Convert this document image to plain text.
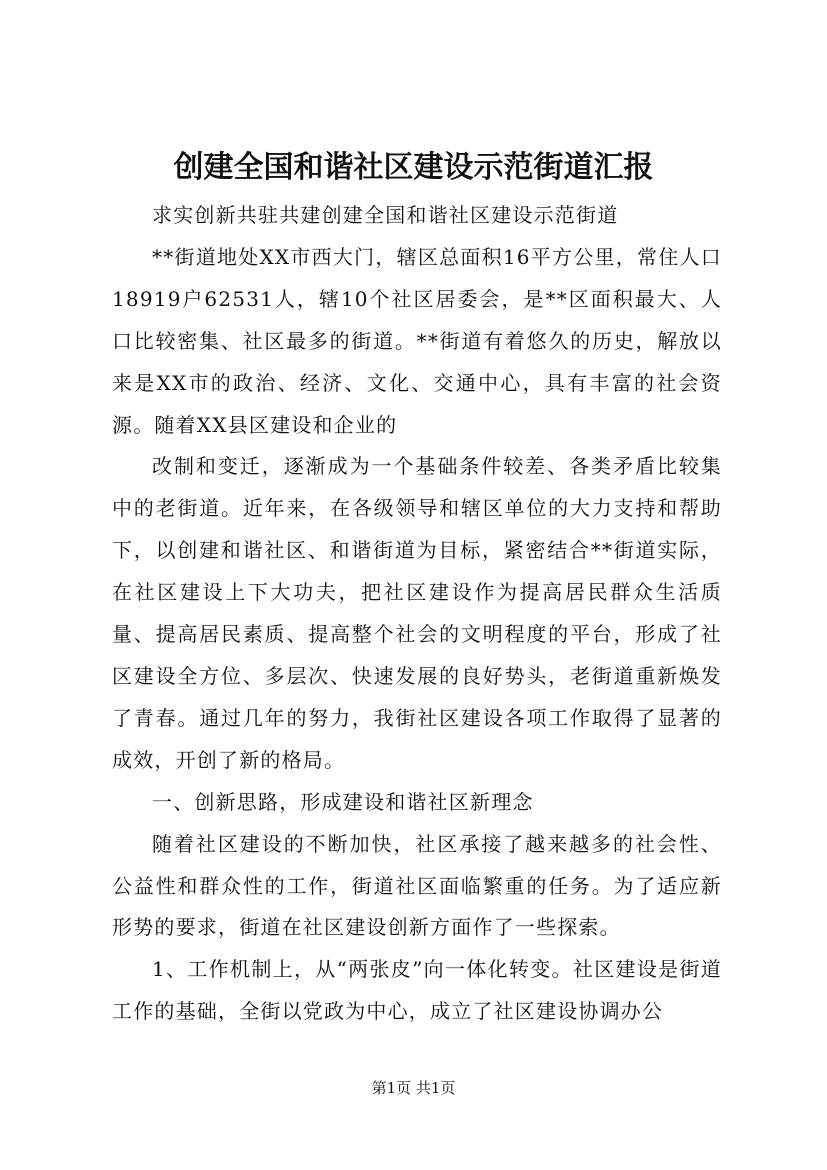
创建全国和谐社区建设示范街道汇报

求实创新共驻共建创建全国和谐社区建设示范街道

**街道地处XX市西大门，辖区总面积16平方公里，常住人口18919户62531人，辖10个社区居委会，是**区面积最大、人口比较密集、社区最多的街道。**街道有着悠久的历史，解放以来是XX市的政治、经济、文化、交通中心，具有丰富的社会资源。随着XX县区建设和企业的

改制和变迁，逐渐成为一个基础条件较差、各类矛盾比较集中的老街道。近年来，在各级领导和辖区单位的大力支持和帮助下，以创建和谐社区、和谐街道为目标，紧密结合**街道实际，在社区建设上下大功夫，把社区建设作为提高居民群众生活质量、提高居民素质、提高整个社会的文明程度的平台，形成了社区建设全方位、多层次、快速发展的良好势头，老街道重新焕发了青春。通过几年的努力，我街社区建设各项工作取得了显著的成效，开创了新的格局。

一、创新思路，形成建设和谐社区新理念

随着社区建设的不断加快，社区承接了越来越多的社会性、公益性和群众性的工作，街道社区面临繁重的任务。为了适应新形势的要求，街道在社区建设创新方面作了一些探索。

1、工作机制上，从“两张皮”向一体化转变。社区建设是街道工作的基础，全街以党政为中心，成立了社区建设协调办公

第1页 共1页
